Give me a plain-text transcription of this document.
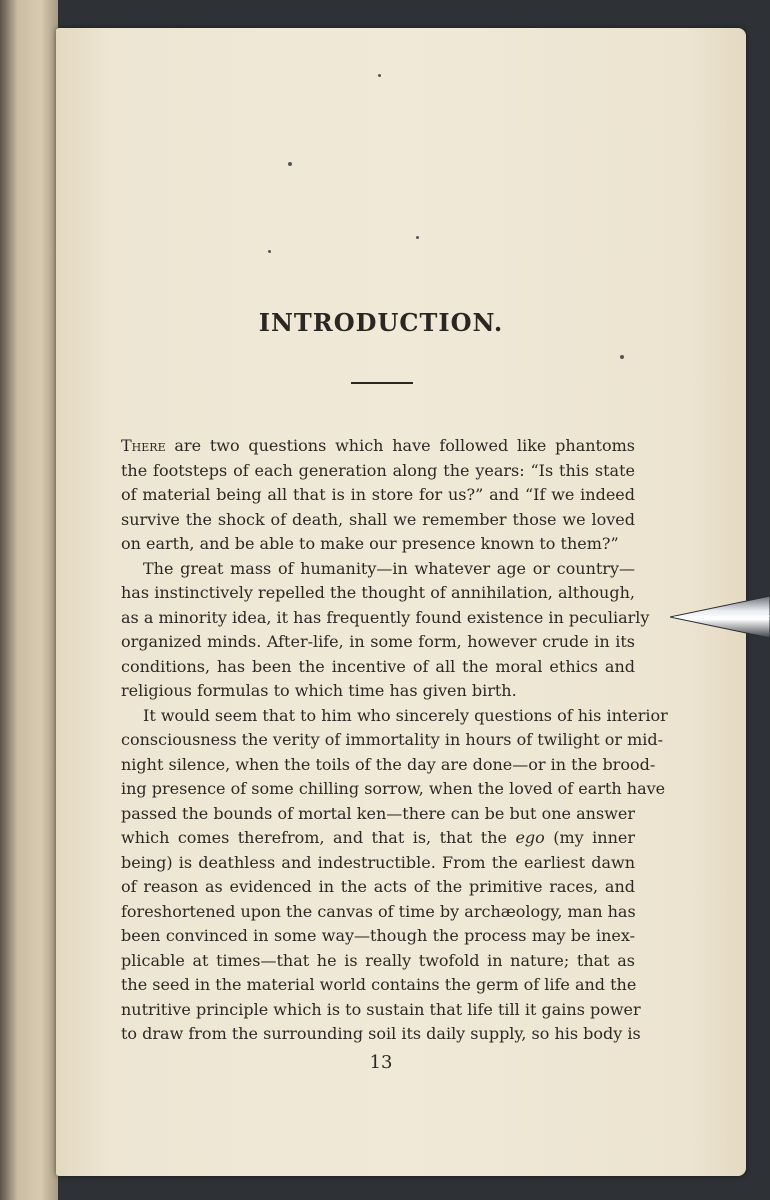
INTRODUCTION.
There are two questions which have followed like phantoms
the footsteps of each generation along the years: “Is this state
of material being all that is in store for us?” and “If we indeed
survive the shock of death, shall we remember those we loved
on earth, and be able to make our presence known to them?”
The great mass of humanity—in whatever age or country—
has instinctively repelled the thought of annihilation, although,
as a minority idea, it has frequently found existence in peculiarly
organized minds. After-life, in some form, however crude in its
conditions, has been the incentive of all the moral ethics and
religious formulas to which time has given birth.
It would seem that to him who sincerely questions of his interior
consciousness the verity of immortality in hours of twilight or mid-
night silence, when the toils of the day are done—or in the brood-
ing presence of some chilling sorrow, when the loved of earth have
passed the bounds of mortal ken—there can be but one answer
which comes therefrom, and that is, that the ego (my inner
being) is deathless and indestructible. From the earliest dawn
of reason as evidenced in the acts of the primitive races, and
foreshortened upon the canvas of time by archæology, man has
been convinced in some way—though the process may be inex-
plicable at times—that he is really twofold in nature; that as
the seed in the material world contains the germ of life and the
nutritive principle which is to sustain that life till it gains power
to draw from the surrounding soil its daily supply, so his body is
13
